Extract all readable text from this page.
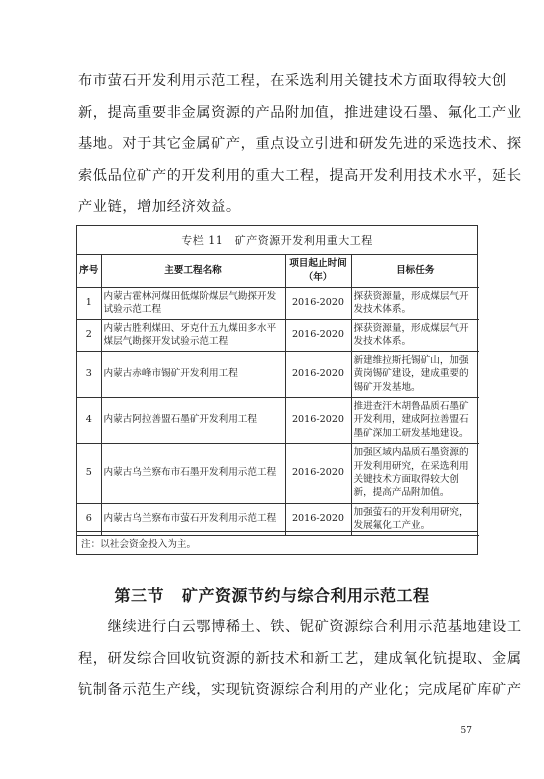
布市萤石开发利用示范工程，在采选利用关键技术方面取得较大创
新，提高重要非金属资源的产品附加值，推进建设石墨、氟化工产业
基地。对于其它金属矿产，重点设立引进和研发先进的采选技术、探
索低品位矿产的开发利用的重大工程，提高开发利用技术水平，延长
产业链，增加经济效益。
专栏 11　矿产资源开发利用重大工程
序号	主要工程名称	项目起止时间（年）	目标任务
1	内蒙古霍林河煤田低煤阶煤层气勘探开发试验示范工程	2016-2020	探获资源量，形成煤层气开发技术体系。
2	内蒙古胜利煤田、牙克什五九煤田多水平煤层气勘探开发试验示范工程	2016-2020	探获资源量，形成煤层气开发技术体系。
3	内蒙古赤峰市锡矿开发利用工程	2016-2020	新建维拉斯托锡矿山，加强黄岗锡矿建设，建成重要的锡矿开发基地。
4	内蒙古阿拉善盟石墨矿开发利用工程	2016-2020	推进查汗木胡鲁晶质石墨矿开发利用，建成阿拉善盟石墨矿深加工研发基地建设。
5	内蒙古乌兰察布市石墨开发利用示范工程	2016-2020	加强区域内晶质石墨资源的开发利用研究，在采选利用关键技术方面取得较大创新，提高产品附加值。
6	内蒙古乌兰察布市萤石开发利用示范工程	2016-2020	加强萤石的开发利用研究，发展氟化工产业。
注：以社会资金投入为主。
第三节 矿产资源节约与综合利用示范工程
　　继续进行白云鄂博稀土、铁、铌矿资源综合利用示范基地建设工
程，研发综合回收钪资源的新技术和新工艺，建成氧化钪提取、金属
钪制备示范生产线，实现钪资源综合利用的产业化；完成尾矿库矿产
57
